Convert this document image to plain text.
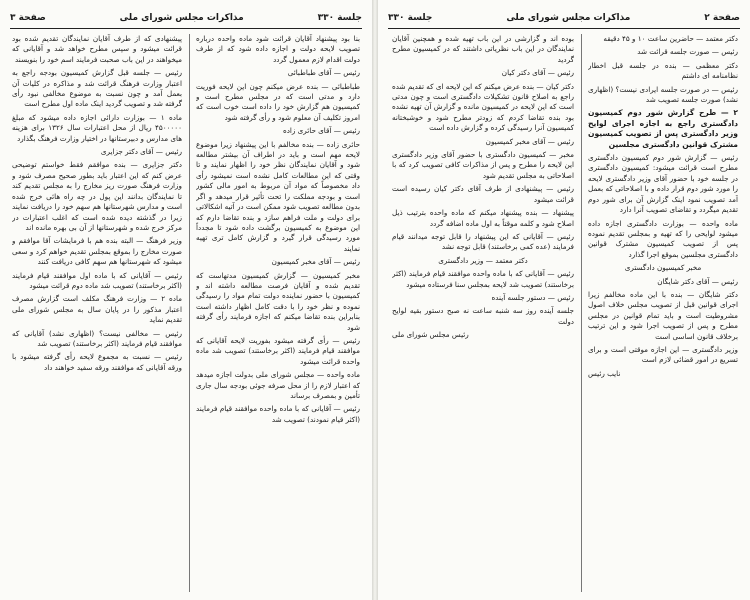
جلسة ٣٣٠
مذاكرات مجلس شوراى ملى
صفحة ٣

بنا بود پیشنهاد آقایان قرائت شود ماده واحده درباره تصویب لایحه دولت و اجازه داده شود که از طرف دولت اقدام لازم معمول گردد

رئیس — آقای طباطبائی

طباطبائی — بنده عرض میکنم چون این لایحه فوریت دارد و مدتی است که در مجلس مطرح است و کمیسیون هم گزارش خود را داده است خوب است که امروز تکلیف آن معلوم شود و رأی گرفته شود

رئیس — آقای حائری زاده

حائری زاده — بنده مخالفم با این پیشنهاد زیرا موضوع لایحه مهم است و باید در اطراف آن بیشتر مطالعه شود و آقایان نمایندگان نظر خود را اظهار نمایند و تا وقتی که این مطالعات کامل نشده است نمیشود رأی داد مخصوصاً که مواد آن مربوط به امور مالی کشور است و بودجه مملکت را تحت تأثیر قرار میدهد و اگر بدون مطالعه تصویب شود ممکن است در آتیه اشکالاتی برای دولت و ملت فراهم سازد و بنده تقاضا دارم که این موضوع به کمیسیون برگشت داده شود تا مجدداً مورد رسیدگی قرار گیرد و گزارش کامل تری تهیه نمایند

رئیس — آقای مخبر کمیسیون

مخبر کمیسیون — گزارش کمیسیون مدتهاست که تقدیم شده و آقایان فرصت مطالعه داشته اند و کمیسیون با حضور نماینده دولت تمام مواد را رسیدگی نموده و نظر خود را با دقت کامل اظهار داشته است بنابراین بنده تقاضا میکنم که اجازه فرمایند رأی گرفته شود

رئیس — رأی گرفته میشود بفوریت لایحه آقایانی که موافقند قیام فرمایند (اکثر برخاستند) تصویب شد ماده واحده قرائت میشود

ماده واحده — مجلس شوراى ملى بدولت اجازه میدهد که اعتبار لازم را از محل صرفه جوئی بودجه سال جاری تأمین و بمصرف برساند

رئیس — آقایانی که با ماده واحده موافقند قیام فرمایند (اکثر قیام نمودند) تصویب شد

پیشنهادی که از طرف آقایان نمایندگان تقدیم شده بود قرائت میشود و سپس مطرح خواهد شد و آقایانی که میخواهند در این باب صحبت فرمایند اسم خود را بنویسند

رئیس — جلسه قبل گزارش کمیسیون بودجه راجع به اعتبار وزارت فرهنگ قرائت شد و مذاکره در کلیات آن بعمل آمد و چون نسبت به موضوع مخالفی نبود رأی گرفته شد و تصویب گردید اینک ماده اول مطرح است

ماده ۱ — بوزارت دارائی اجازه داده میشود که مبلغ ۴۵۰۰۰۰۰ ریال از محل اعتبارات سال ۱۳۲۶ برای هزینه های مدارس و دبیرستانها در اختیار وزارت فرهنگ بگذارد

رئیس — آقای دکتر جزایری

دکتر جزایری — بنده موافقم فقط خواستم توضیحی عرض کنم که این اعتبار باید بطور صحیح مصرف شود و وزارت فرهنگ صورت ریز مخارج را به مجلس تقدیم کند تا نمایندگان بدانند این پول در چه راه هائی خرج شده است و مدارس شهرستانها هم سهم خود را دریافت نمایند زیرا در گذشته دیده شده است که اغلب اعتبارات در مرکز خرج شده و شهرستانها از آن بی بهره مانده اند

وزیر فرهنگ — البته بنده هم با فرمایشات آقا موافقم و صورت مخارج را بموقع بمجلس تقدیم خواهم کرد و سعی میشود که شهرستانها هم سهم کافی دریافت کنند

رئیس — آقایانی که با ماده اول موافقند قیام فرمایند (اکثر برخاستند) تصویب شد ماده دوم قرائت میشود

ماده ۲ — وزارت فرهنگ مکلف است گزارش مصرف اعتبار مذکور را در پایان سال به مجلس شوراى ملى تقدیم نماید

رئیس — مخالفی نیست؟ (اظهاری نشد) آقایانی که موافقند قیام فرمایند (اکثر برخاستند) تصویب شد

رئیس — نسبت به مجموع لایحه رأی گرفته میشود با ورقه آقایانی که موافقند ورقه سفید خواهند داد

صفحة ٢
مذاكرات مجلس شوراى ملى
جلسة ٣٣٠

دکتر معتمد — حاضرین ساعت ۱۰ و ۴۵ دقیقه

رئیس — صورت جلسه قرائت شد

دکتر معظمی — بنده در جلسه قبل اخطار نظامنامه ای داشتم

رئیس — در صورت جلسه ایرادی نیست؟ (اظهاری نشد) صورت جلسه تصویب شد

۲ — طرح گزارش شور دوم کمیسیون دادگستری راجع به اجازه اجرای لوایح وزیر دادگستری پس از تصویب کمیسیون مشترک قوانین دادگستری مجلسین

رئیس — گزارش شور دوم کمیسیون دادگستری مطرح است قرائت میشود: کمیسیون دادگستری در جلسه خود با حضور آقای وزیر دادگستری لایحه را مورد شور دوم قرار داده و با اصلاحاتی که بعمل آمد تصویب نمود اینک گزارش آن برای شور دوم تقدیم میگردد و تقاضای تصویب آنرا دارد

ماده واحده — بوزارت دادگستری اجازه داده میشود لوایحی را که تهیه و بمجلس تقدیم نموده پس از تصویب کمیسیون مشترک قوانین دادگستری مجلسین بموقع اجرا گذارد

مخبر کمیسیون دادگستری

رئیس — آقای دکتر شایگان

دکتر شایگان — بنده با این ماده مخالفم زیرا اجرای قوانین قبل از تصویب مجلس خلاف اصول مشروطیت است و باید تمام قوانین در مجلس مطرح و پس از تصویب اجرا شود و این ترتیب برخلاف قانون اساسی است

وزیر دادگستری — این اجازه موقتی است و برای تسریع در امور قضائی لازم است

نایب رئیس

بوده اند و گزارشی در این باب تهیه شده و همچنین آقایان نمایندگان در این باب نظریاتی داشتند که در کمیسیون مطرح گردید

رئیس — آقای دکتر کیان

دکتر کیان — بنده عرض میکنم که این لایحه ای که تقدیم شده راجع به اصلاح قانون تشکیلات دادگستری است و چون مدتی است که این لایحه در کمیسیون مانده و گزارش آن تهیه نشده بود بنده تقاضا کردم که زودتر مطرح شود و خوشبختانه کمیسیون آنرا رسیدگی کرده و گزارش داده است

رئیس — آقای مخبر کمیسیون

مخبر — کمیسیون دادگستری با حضور آقای وزیر دادگستری این لایحه را مطرح و پس از مذاکرات کافی تصویب کرد که با اصلاحاتی به مجلس تقدیم شود

رئیس — پیشنهادی از طرف آقای دکتر کیان رسیده است قرائت میشود

پیشنهاد — بنده پیشنهاد میکنم که ماده واحده بترتیب ذیل اصلاح شود و کلمه موقتاً به اول ماده اضافه گردد

رئیس — آقایانی که این پیشنهاد را قابل توجه میدانند قیام فرمایند (عده کمی برخاستند) قابل توجه نشد

دکتر معتمد — وزیر دادگستری

رئیس — آقایانی که با ماده واحده موافقند قیام فرمایند (اکثر برخاستند) تصویب شد لایحه بمجلس سنا فرستاده میشود

رئیس — دستور جلسه آینده

جلسه آینده روز سه شنبه ساعت نه صبح دستور بقیه لوایح دولت

رئیس مجلس شوراى ملى
